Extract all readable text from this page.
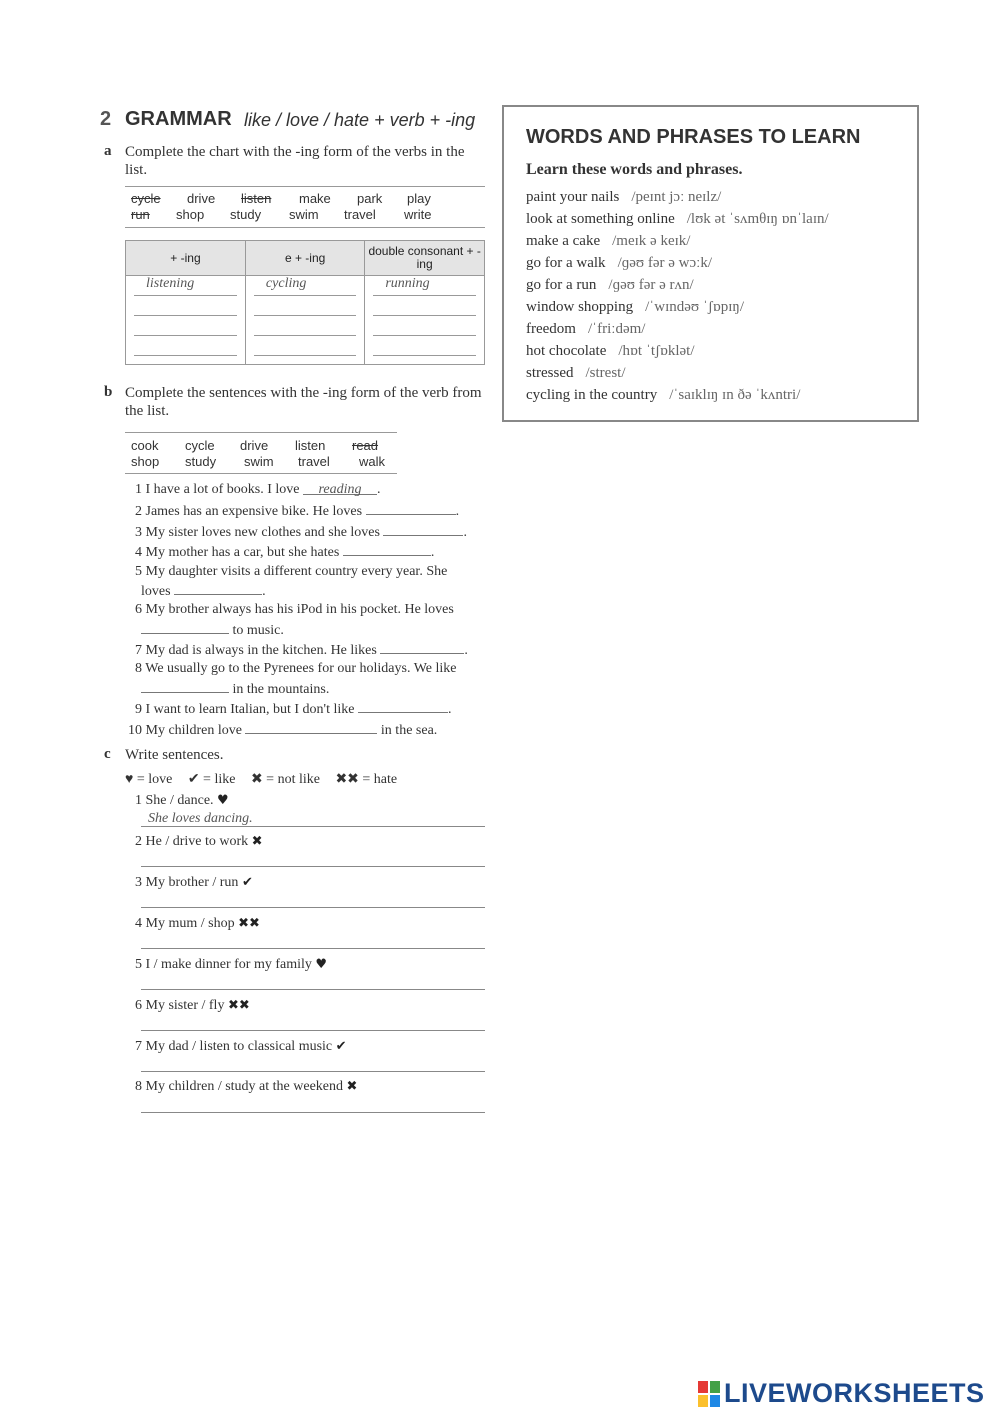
2 GRAMMAR like / love / hate + verb + -ing
a Complete the chart with the -ing form of the verbs in the list.
cycle drive listen make park play
run shop study swim travel write
+ -ing	e + -ing	double consonant + -ing

listening	cycling	running

b Complete the sentences with the -ing form of the verb from the list.
cook cycle drive listen read
shop study swim travel walk
1 I have a lot of books. I love reading .
2 James has an expensive bike. He loves	.
3 My sister loves new clothes and she loves	.
4 My mother has a car, but she hates	.
5 My daughter visits a different country every year. She
loves	.
6 My brother always has his iPod in his pocket. He loves
to music.
7 My dad is always in the kitchen. He likes	.
8 We usually go to the Pyrenees for our holidays. We like
in the mountains.
9 I want to learn Italian, but I don't like	.
10 My children love	in the sea.
c Write sentences.
♥ = love ✔ = like ✖ = not like ✖✖ = hate
1 She / dance. ♥
She loves dancing.
2 He / drive to work ✖
3 My brother / run ✔
4 My mum / shop ✖✖
5 I / make dinner for my family ♥
6 My sister / fly ✖✖
7 My dad / listen to classical music ✔
8 My children / study at the weekend ✖
WORDS AND PHRASES TO LEARN
Learn these words and phrases.
paint your nails /peɪnt jɔː neɪlz/
look at something online /lʊk ət ˈsʌmθɪŋ ɒnˈlaɪn/
make a cake /meɪk ə keɪk/
go for a walk /ɡəʊ fər ə wɔːk/
go for a run /ɡəʊ fər ə rʌn/
window shopping /ˈwɪndəʊ ˈʃɒpɪŋ/
freedom /ˈfriːdəm/
hot chocolate /hɒt ˈtʃɒklət/
stressed /strest/
cycling in the country /ˈsaɪklɪŋ ɪn ðə ˈkʌntri/
LIVEWORKSHEETS
